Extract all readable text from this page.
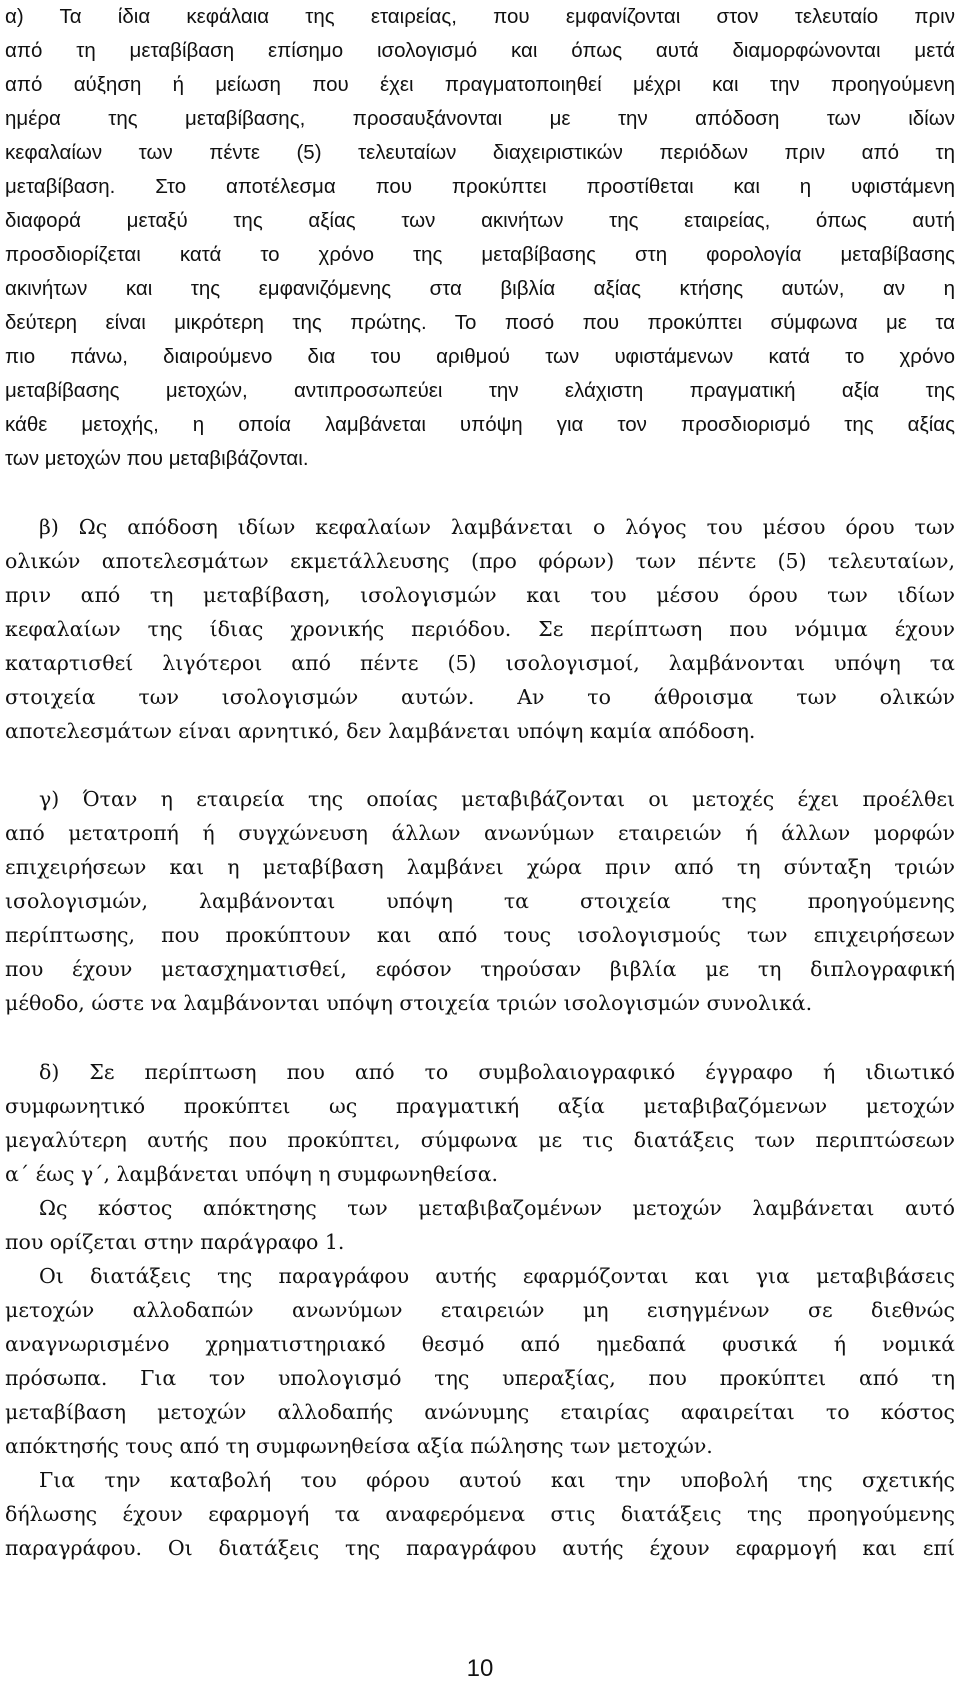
α) Τα ίδια κεφάλαια της εταιρείας, που εμφανίζονται στον τελευταίο πριν
από τη μεταβίβαση επίσημο ισολογισμό και όπως αυτά διαμορφώνονται μετά
από αύξηση ή μείωση που έχει πραγματοποιηθεί μέχρι και την προηγούμενη
ημέρα της μεταβίβασης, προσαυξάνονται με την απόδοση των ιδίων
κεφαλαίων των πέντε (5) τελευταίων διαχειριστικών περιόδων πριν από τη
μεταβίβαση. Στο αποτέλεσμα που προκύπτει προστίθεται και η υφιστάμενη
διαφορά μεταξύ της αξίας των ακινήτων της εταιρείας, όπως αυτή
προσδιορίζεται κατά το χρόνο της μεταβίβασης στη φορολογία μεταβίβασης
ακινήτων και της εμφανιζόμενης στα βιβλία αξίας κτήσης αυτών, αν η
δεύτερη είναι μικρότερη της πρώτης. Το ποσό που προκύπτει σύμφωνα με τα
πιο πάνω, διαιρούμενο δια του αριθμού των υφιστάμενων κατά το χρόνο
μεταβίβασης μετοχών, αντιπροσωπεύει την ελάχιστη πραγματική αξία της
κάθε μετοχής, η οποία λαμβάνεται υπόψη για τον προσδιορισμό της αξίας
των μετοχών που μεταβιβάζονται.
β) Ως απόδοση ιδίων κεφαλαίων λαμβάνεται ο λόγος του μέσου όρου των
ολικών αποτελεσμάτων εκμετάλλευσης (προ φόρων) των πέντε (5) τελευταίων,
πριν από τη μεταβίβαση, ισολογισμών και του μέσου όρου των ιδίων
κεφαλαίων της ίδιας χρονικής περιόδου. Σε περίπτωση που νόμιμα έχουν
καταρτισθεί λιγότεροι από πέντε (5) ισολογισμοί, λαμβάνονται υπόψη τα
στοιχεία των ισολογισμών αυτών. Αν το άθροισμα των ολικών
αποτελεσμάτων είναι αρνητικό, δεν λαμβάνεται υπόψη καμία απόδοση.
γ) Όταν η εταιρεία της οποίας μεταβιβάζονται οι μετοχές έχει προέλθει
από μετατροπή ή συγχώνευση άλλων ανωνύμων εταιρειών ή άλλων μορφών
επιχειρήσεων και η μεταβίβαση λαμβάνει χώρα πριν από τη σύνταξη τριών
ισολογισμών, λαμβάνονται υπόψη τα στοιχεία της προηγούμενης
περίπτωσης, που προκύπτουν και από τους ισολογισμούς των επιχειρήσεων
που έχουν μετασχηματισθεί, εφόσον τηρούσαν βιβλία με τη διπλογραφική
μέθοδο, ώστε να λαμβάνονται υπόψη στοιχεία τριών ισολογισμών συνολικά.
δ) Σε περίπτωση που από το συμβολαιογραφικό έγγραφο ή ιδιωτικό
συμφωνητικό προκύπτει ως πραγματική αξία μεταβιβαζόμενων μετοχών
μεγαλύτερη αυτής που προκύπτει, σύμφωνα με τις διατάξεις των περιπτώσεων
α΄ έως γ΄, λαμβάνεται υπόψη η συμφωνηθείσα.
Ως κόστος απόκτησης των μεταβιβαζομένων μετοχών λαμβάνεται αυτό
που ορίζεται στην παράγραφο 1.
Οι διατάξεις της παραγράφου αυτής εφαρμόζονται και για μεταβιβάσεις
μετοχών αλλοδαπών ανωνύμων εταιρειών μη εισηγμένων σε διεθνώς
αναγνωρισμένο χρηματιστηριακό θεσμό από ημεδαπά φυσικά ή νομικά
πρόσωπα. Για τον υπολογισμό της υπεραξίας, που προκύπτει από τη
μεταβίβαση μετοχών αλλοδαπής ανώνυμης εταιρίας αφαιρείται το κόστος
απόκτησής τους από τη συμφωνηθείσα αξία πώλησης των μετοχών.
Για την καταβολή του φόρου αυτού και την υποβολή της σχετικής
δήλωσης έχουν εφαρμογή τα αναφερόμενα στις διατάξεις της προηγούμενης
παραγράφου. Οι διατάξεις της παραγράφου αυτής έχουν εφαρμογή και επί
10
